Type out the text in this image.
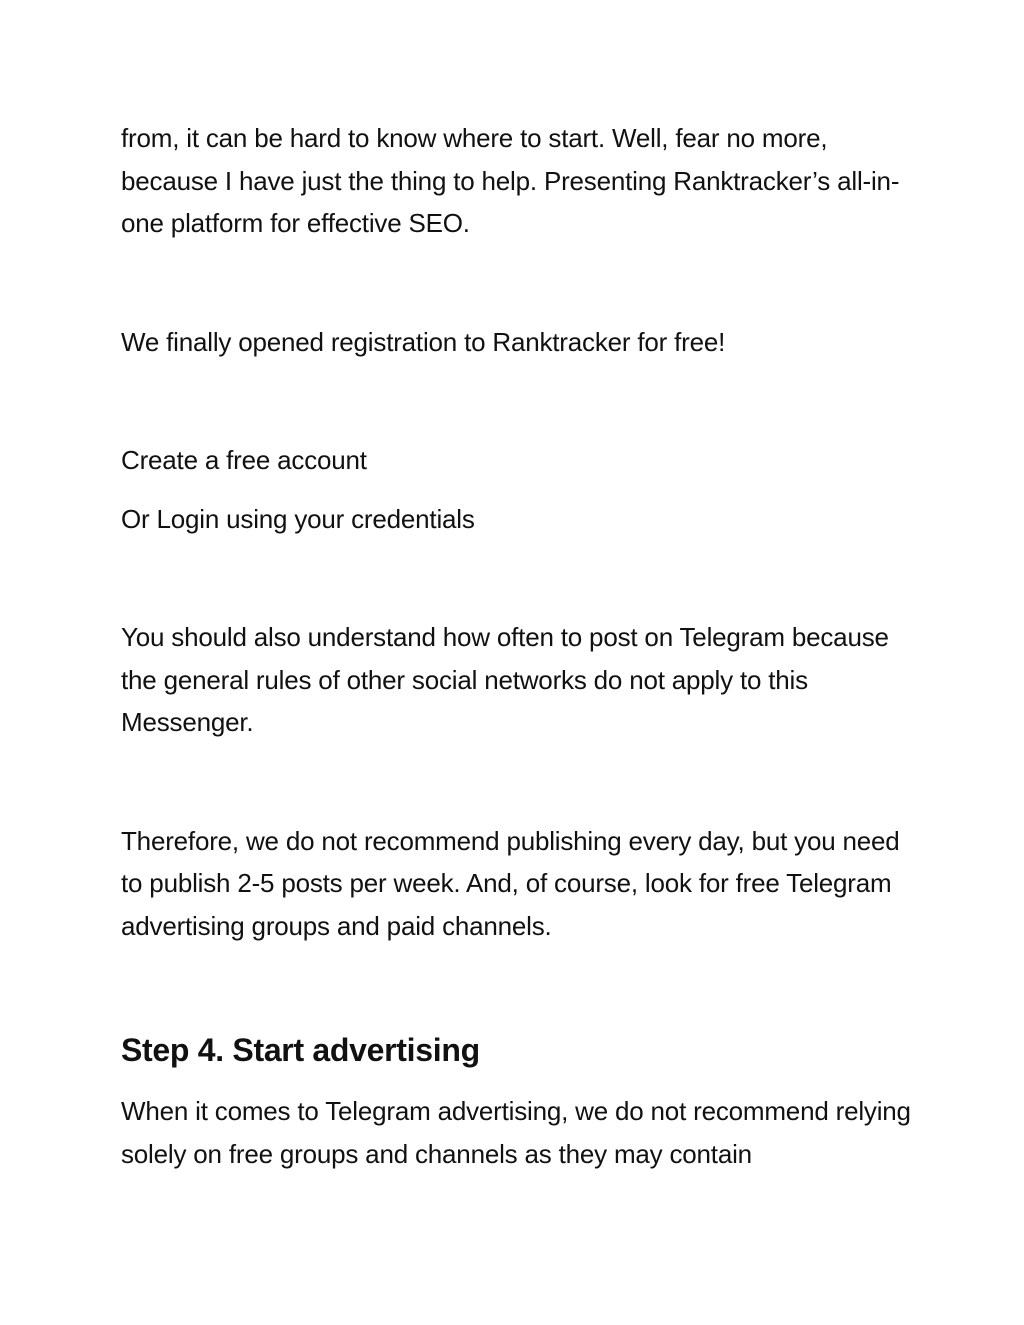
from, it can be hard to know where to start. Well, fear no more, because I have just the thing to help. Presenting Ranktracker’s all-in-one platform for effective SEO.

We finally opened registration to Ranktracker for free!

Create a free account

Or Login using your credentials

You should also understand how often to post on Telegram because the general rules of other social networks do not apply to this Messenger.

Therefore, we do not recommend publishing every day, but you need to publish 2-5 posts per week. And, of course, look for free Telegram advertising groups and paid channels.

Step 4. Start advertising

When it comes to Telegram advertising, we do not recommend relying solely on free groups and channels as they may contain
